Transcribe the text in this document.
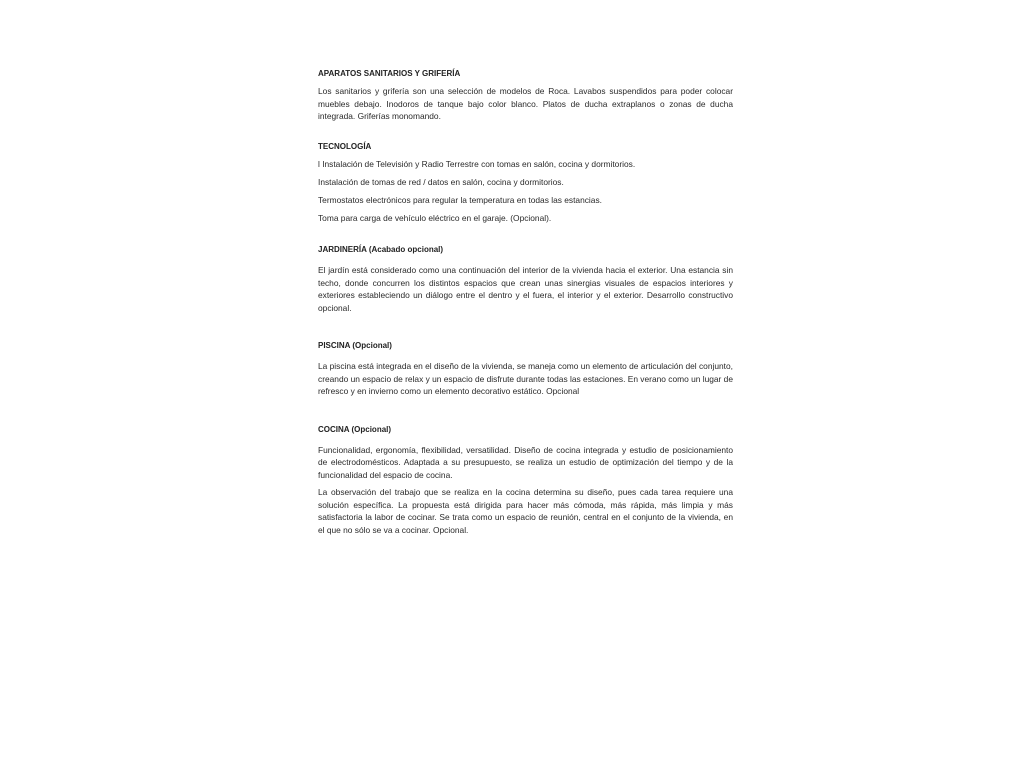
APARATOS SANITARIOS Y GRIFERÍA

Los sanitarios y grifería son una selección de modelos de Roca. Lavabos suspendidos para poder colocar muebles debajo. Inodoros de tanque bajo color blanco. Platos de ducha extraplanos o zonas de ducha integrada. Griferías monomando.

TECNOLOGÍA

l Instalación de Televisión y Radio Terrestre con tomas en salón, cocina y dormitorios.

Instalación de tomas de red / datos en salón, cocina y dormitorios.

Termostatos electrónicos para regular la temperatura en todas las estancias.

Toma para carga de vehículo eléctrico en el garaje. (Opcional).

JARDINERÍA (Acabado opcional)

El jardín está considerado como una continuación del interior de la vivienda hacia el exterior. Una estancia sin techo, donde concurren los distintos espacios que crean unas sinergias visuales de espacios interiores y exteriores estableciendo un diálogo entre el dentro y el fuera, el interior y el exterior. Desarrollo constructivo opcional.

PISCINA (Opcional)

La piscina está integrada en el diseño de la vivienda, se maneja como un elemento de articulación del conjunto, creando un espacio de relax y un espacio de disfrute durante todas las estaciones. En verano como un lugar de refresco y en invierno como un elemento decorativo estático. Opcional

COCINA (Opcional)

Funcionalidad, ergonomía, flexibilidad, versatilidad. Diseño de cocina integrada y estudio de posicionamiento de electrodomésticos. Adaptada a su presupuesto, se realiza un estudio de optimización del tiempo y de la funcionalidad del espacio de cocina.

La observación del trabajo que se realiza en la cocina determina su diseño, pues cada tarea requiere una solución específica. La propuesta está dirigida para hacer más cómoda, más rápida, más limpia y más satisfactoria la labor de cocinar. Se trata como un espacio de reunión, central en el conjunto de la vivienda, en el que no sólo se va a cocinar. Opcional.
